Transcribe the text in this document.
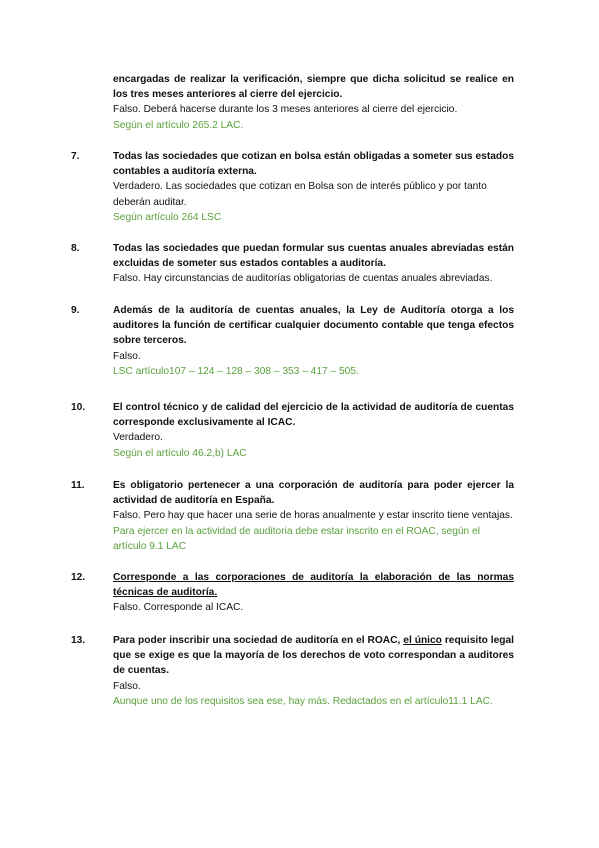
encargadas de realizar la verificación, siempre que dicha solicitud se realice en los tres meses anteriores al cierre del ejercicio.

Falso. Deberá hacerse durante los 3 meses anteriores al cierre del ejercicio.

Según el artículo 265.2 LAC.

7.	Todas las sociedades que cotizan en bolsa están obligadas a someter sus estados contables a auditoría externa.

Verdadero. Las sociedades que cotizan en Bolsa son de interés público y por tanto deberán auditar.

Según artículo 264 LSC

8.	Todas las sociedades que puedan formular sus cuentas anuales abreviadas están excluidas de someter sus estados contables a auditoría.

Falso. Hay circunstancias de auditorías obligatorias de cuentas anuales abreviadas.

9.	Además de la auditoría de cuentas anuales, la Ley de Auditoría otorga a los auditores la función de certificar cualquier documento contable que tenga efectos sobre terceros.

Falso.

LSC artículo107 – 124 – 128 – 308 – 353 – 417 – 505.

10.	El control técnico y de calidad del ejercicio de la actividad de auditoría de cuentas corresponde exclusivamente al ICAC.

Verdadero.

Según el artículo 46.2,b) LAC

11.	Es obligatorio pertenecer a una corporación de auditoría para poder ejercer la actividad de auditoría en España.

Falso. Pero hay que hacer una serie de horas anualmente y estar inscrito tiene ventajas.

Para ejercer en la actividad de auditoria debe estar inscrito en el ROAC, según el artículo 9.1 LAC

12.	Corresponde a las corporaciones de auditoría la elaboración de las normas técnicas de auditoría.

Falso. Corresponde al ICAC.

13.	Para poder inscribir una sociedad de auditoría en el ROAC, el único requisito legal que se exige es que la mayoría de los derechos de voto correspondan a auditores de cuentas.

Falso.

Aunque uno de los requisitos sea ese, hay más. Redactados en el artículo11.1 LAC.
